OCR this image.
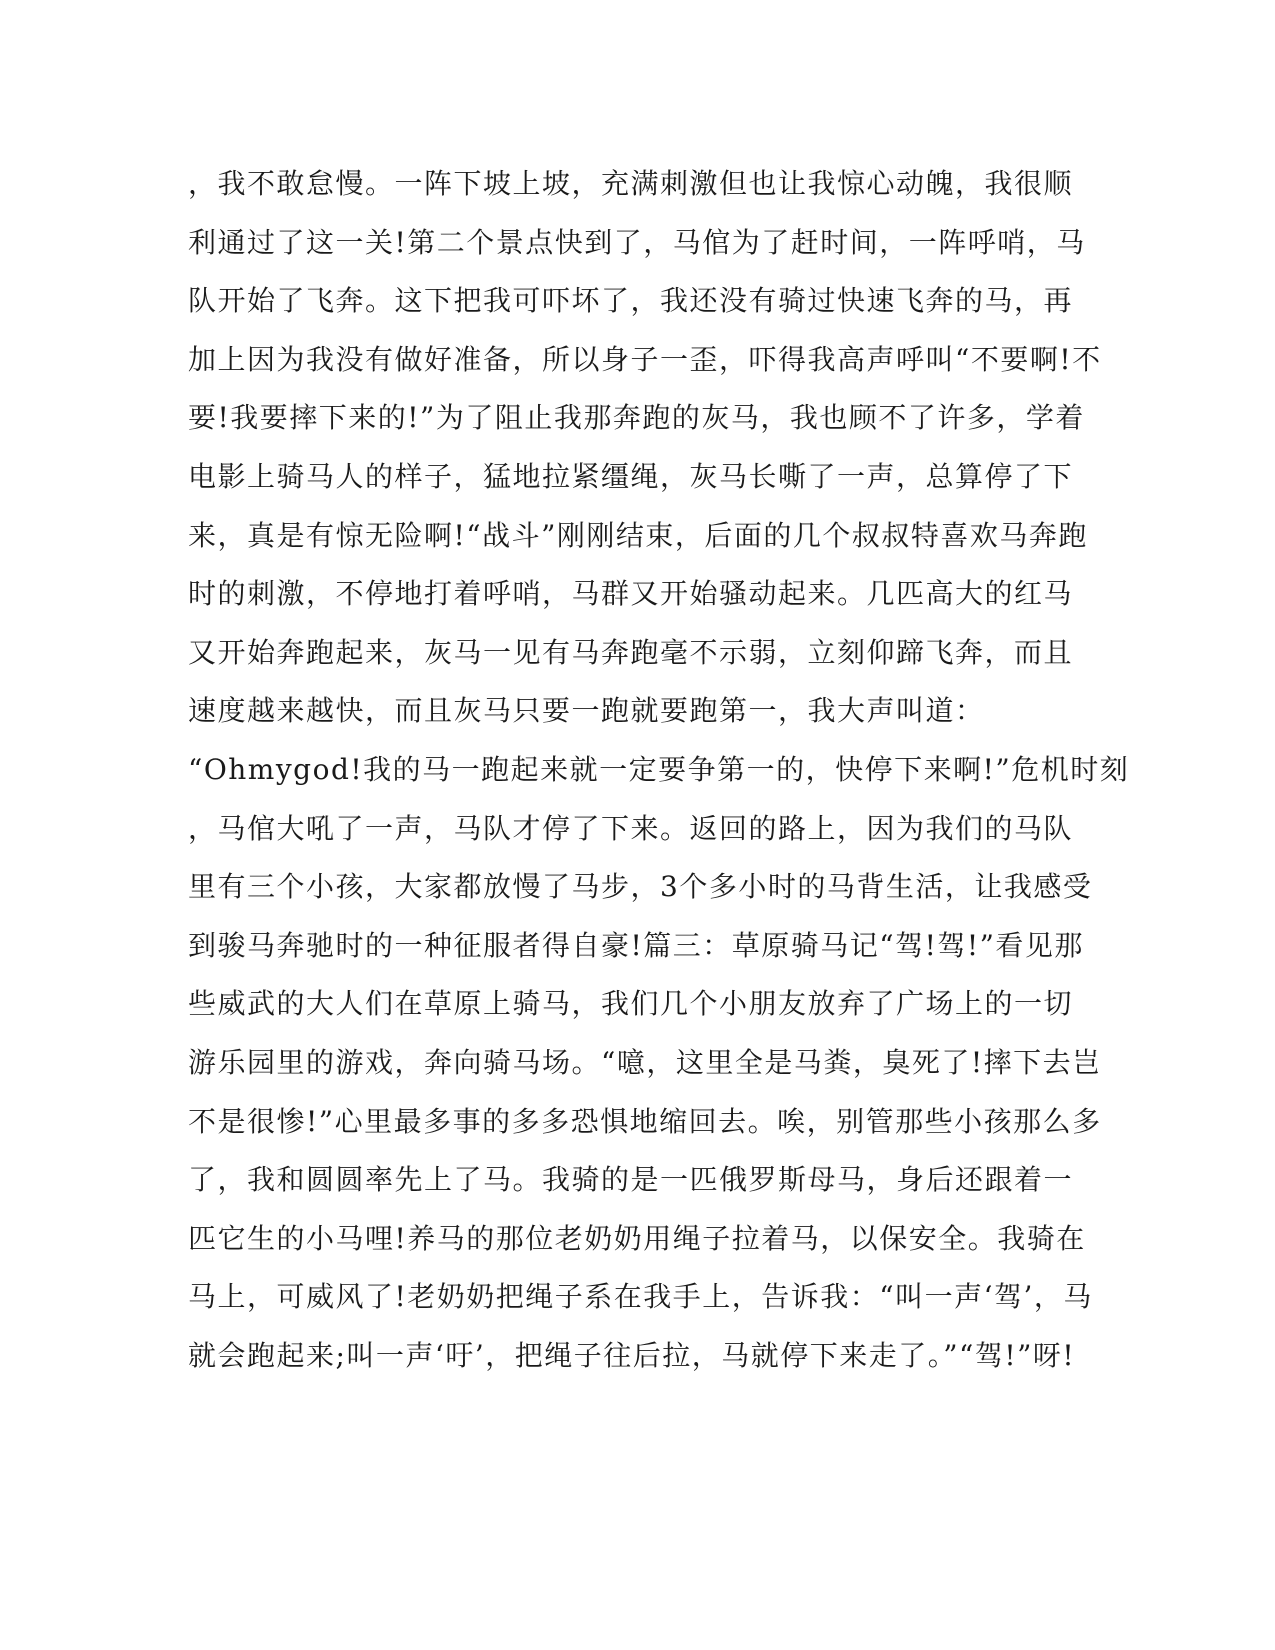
，我不敢怠慢。一阵下坡上坡，充满刺激但也让我惊心动魄，我很顺
利通过了这一关!第二个景点快到了，马倌为了赶时间，一阵呼哨，马
队开始了飞奔。这下把我可吓坏了，我还没有骑过快速飞奔的马，再
加上因为我没有做好准备，所以身子一歪，吓得我高声呼叫“不要啊!不
要!我要摔下来的!”为了阻止我那奔跑的灰马，我也顾不了许多，学着
电影上骑马人的样子，猛地拉紧缰绳，灰马长嘶了一声，总算停了下
来，真是有惊无险啊!“战斗”刚刚结束，后面的几个叔叔特喜欢马奔跑
时的刺激，不停地打着呼哨，马群又开始骚动起来。几匹高大的红马
又开始奔跑起来，灰马一见有马奔跑毫不示弱，立刻仰蹄飞奔，而且
速度越来越快，而且灰马只要一跑就要跑第一，我大声叫道：
“Ohmygod!我的马一跑起来就一定要争第一的，快停下来啊!”危机时刻
，马倌大吼了一声，马队才停了下来。返回的路上，因为我们的马队
里有三个小孩，大家都放慢了马步，3个多小时的马背生活，让我感受
到骏马奔驰时的一种征服者得自豪!篇三：草原骑马记“驾!驾!”看见那
些威武的大人们在草原上骑马，我们几个小朋友放弃了广场上的一切
游乐园里的游戏，奔向骑马场。“噫，这里全是马粪，臭死了!摔下去岂
不是很惨!”心里最多事的多多恐惧地缩回去。唉，别管那些小孩那么多
了，我和圆圆率先上了马。我骑的是一匹俄罗斯母马，身后还跟着一
匹它生的小马哩!养马的那位老奶奶用绳子拉着马，以保安全。我骑在
马上，可威风了!老奶奶把绳子系在我手上，告诉我：“叫一声‘驾’，马
就会跑起来;叫一声‘吁’，把绳子往后拉，马就停下来走了。”“驾!”呀!
